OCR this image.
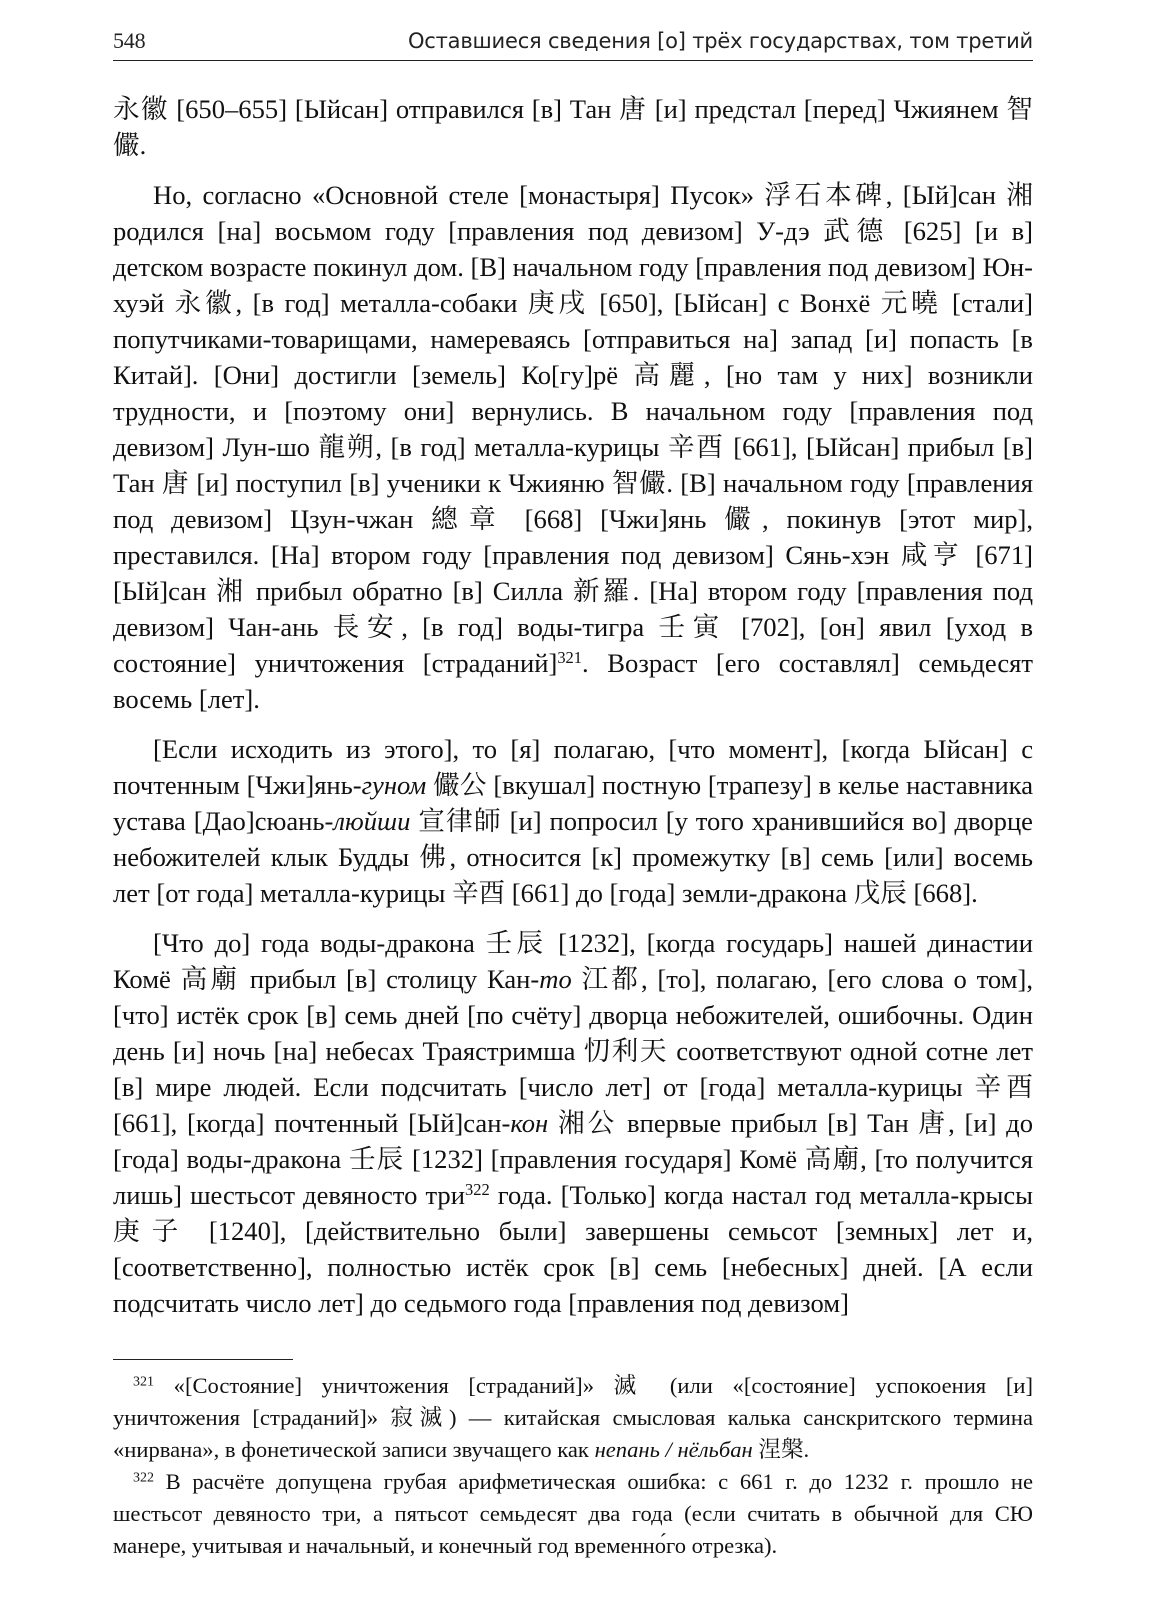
548	Оставшиеся сведения [о] трёх государствах, том третий

永徽 [650–655] [Ыйсан] отправился [в] Тан 唐 [и] предстал [перед] Чжиянем 智儼.

Но, согласно «Основной стеле [монастыря] Пусок» 浮石本碑, [Ый]сан 湘 родился [на] восьмом году [правления под девизом] У-дэ 武德 [625] [и в] детском возрасте покинул дом. [В] начальном году [правления под девизом] Юн-хуэй 永徽, [в год] металла-собаки 庚戌 [650], [Ыйсан] с Вонхё 元曉 [стали] попутчиками-товарищами, намереваясь [отправиться на] запад [и] попасть [в Китай]. [Они] достигли [земель] Ко[гу]рё 高麗, [но там у них] возникли трудности, и [поэтому они] вернулись. В начальном году [правления под девизом] Лун-шо 龍朔, [в год] металла-курицы 辛酉 [661], [Ыйсан] прибыл [в] Тан 唐 [и] поступил [в] ученики к Чжияню 智儼. [В] начальном году [правления под девизом] Цзун-чжан 總章 [668] [Чжи]янь 儼, покинув [этот мир], преставился. [На] втором году [правления под девизом] Сянь-хэн 咸亨 [671] [Ый]сан 湘 прибыл обратно [в] Силла 新羅. [На] втором году [правления под девизом] Чан-ань 長安, [в год] воды-тигра 壬寅 [702], [он] явил [уход в состояние] уничтожения [страданий]$^{321}$. Возраст [его составлял] семьдесят восемь [лет].

[Если исходить из этого], то [я] полагаю, [что момент], [когда Ыйсан] с почтенным [Чжи]янь-гуном 儼公 [вкушал] постную [трапезу] в келье наставника устава [Дао]сюань-люйши 宣律師 [и] попросил [у того хранившийся во] дворце небожителей клык Будды 佛, относится [к] промежутку [в] семь [или] восемь лет [от года] металла-курицы 辛酉 [661] до [года] земли-дракона 戊辰 [668].

[Что до] года воды-дракона 壬辰 [1232], [когда государь] нашей династии Комё 高廟 прибыл [в] столицу Кан-то 江都, [то], полагаю, [его слова о том], [что] истёк срок [в] семь дней [по счёту] дворца небожителей, ошибочны. Один день [и] ночь [на] небесах Траястримша 忉利天 соответствуют одной сотне лет [в] мире людей. Если подсчитать [число лет] от [года] металла-курицы 辛酉 [661], [когда] почтенный [Ый]сан-кон 湘公 впервые прибыл [в] Тан 唐, [и] до [года] воды-дракона 壬辰 [1232] [правления государя] Комё 高廟, [то получится лишь] шестьсот девяносто три$^{322}$ года. [Только] когда настал год металла-крысы 庚子 [1240], [действительно были] завершены семьсот [земных] лет и, [соответственно], полностью истёк срок [в] семь [небесных] дней. [А если подсчитать число лет] до седьмого года [правления под девизом]

$^{321}$ «[Состояние] уничтожения [страданий]» 滅 (или «[состояние] успокоения [и] уничтожения [страданий]» 寂滅) — китайская смысловая калька санскритского термина «нирвана», в фонетической записи звучащего как непань / нёльбан 涅槃.

$^{322}$ В расчёте допущена грубая арифметическая ошибка: с 661 г. до 1232 г. прошло не шестьсот девяносто три, а пятьсот семьдесят два года (если считать в обычной для СЮ манере, учитывая и начальный, и конечный год временно́го отрезка).
